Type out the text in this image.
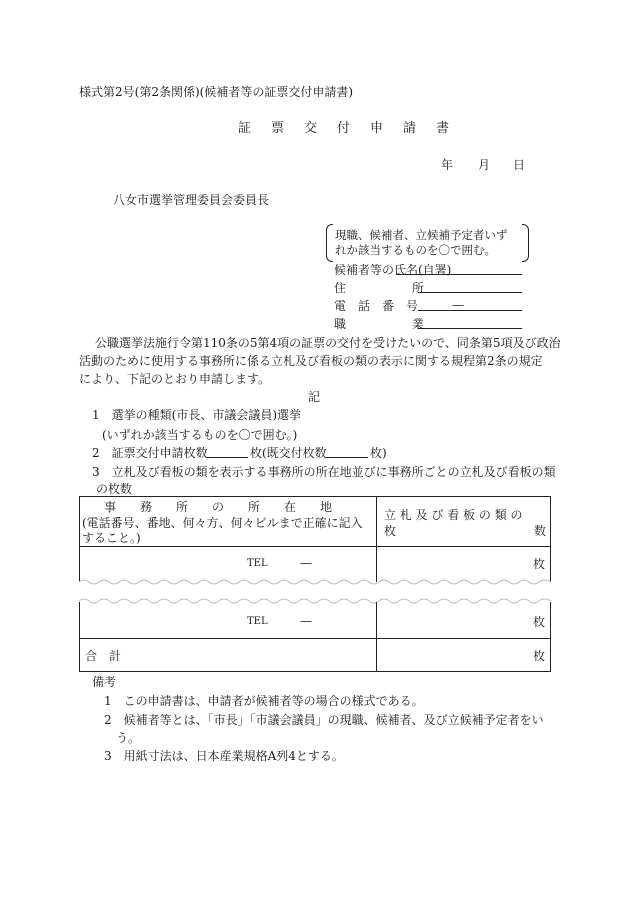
様式第2号(第2条関係)(候補者等の証票交付申請書)
証票交付申請書
年 月 日
八女市選挙管理委員会委員長
現職、候補者、立候補予定者いず
れか該当するものを〇で囲む。
候補者等の氏名(自署)
住　　所
電　話　番　号	—
職　　業
公職選挙法施行令第110条の5第4項の証票の交付を受けたいので、同条第5項及び政治
活動のために使用する事務所に係る立札及び看板の類の表示に関する規程第2条の規定
により、下記のとおり申請します。
記
1　選挙の種類(市長、市議会議員)選挙
(いずれか該当するものを〇で囲む。)
2　証票交付申請枚数	枚(既交付枚数	枚)
3　立札及び看板の類を表示する事務所の所在地並びに事務所ごとの立札及び看板の類
の枚数
事　　務　　所　　の　　所　　在　　地
(電話番号、番地、何々方、何々ビルまで正確に記入
すること。)
立 札 及 び 看 板 の 類 の
枚	数
TEL	—	枚
TEL	—	枚
合　計	枚
備考
1　この申請書は、申請者が候補者等の場合の様式である。
2　候補者等とは、「市長」「市議会議員」の現職、候補者、及び立候補予定者をい
う。
3　用紙寸法は、日本産業規格A列4とする。
